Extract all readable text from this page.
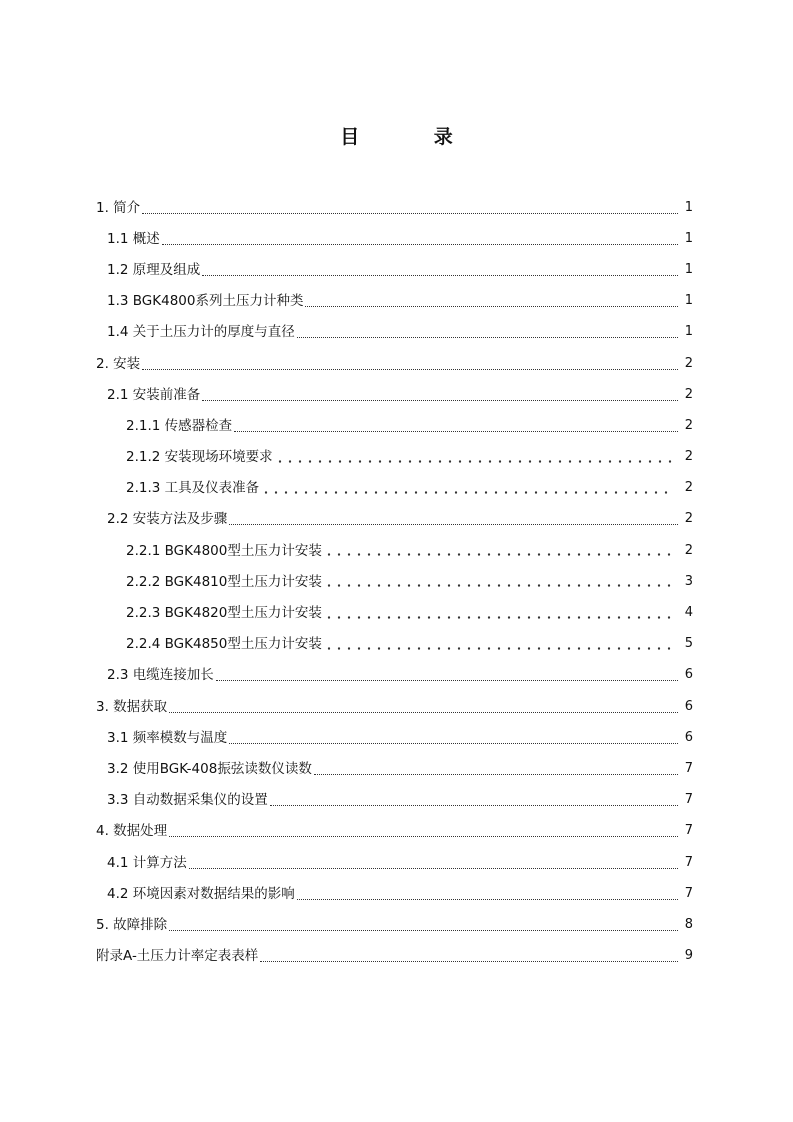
目 录
1. 简介	1
1.1 概述	1
1.2 原理及组成	1
1.3 BGK4800系列土压力计种类	1
1.4 关于土压力计的厚度与直径	1
2. 安装	2
2.1 安装前准备	2
2.1.1 传感器检查	2
2.1.2 安装现场环境要求	2
2.1.3 工具及仪表准备	2
2.2 安装方法及步骤	2
2.2.1 BGK4800型土压力计安装	2
2.2.2 BGK4810型土压力计安装	3
2.2.3 BGK4820型土压力计安装	4
2.2.4 BGK4850型土压力计安装	5
2.3 电缆连接加长	6
3. 数据获取	6
3.1 频率模数与温度	6
3.2 使用BGK-408振弦读数仪读数	7
3.3 自动数据采集仪的设置	7
4. 数据处理	7
4.1 计算方法	7
4.2 环境因素对数据结果的影响	7
5. 故障排除	8
附录A-土压力计率定表表样	9
